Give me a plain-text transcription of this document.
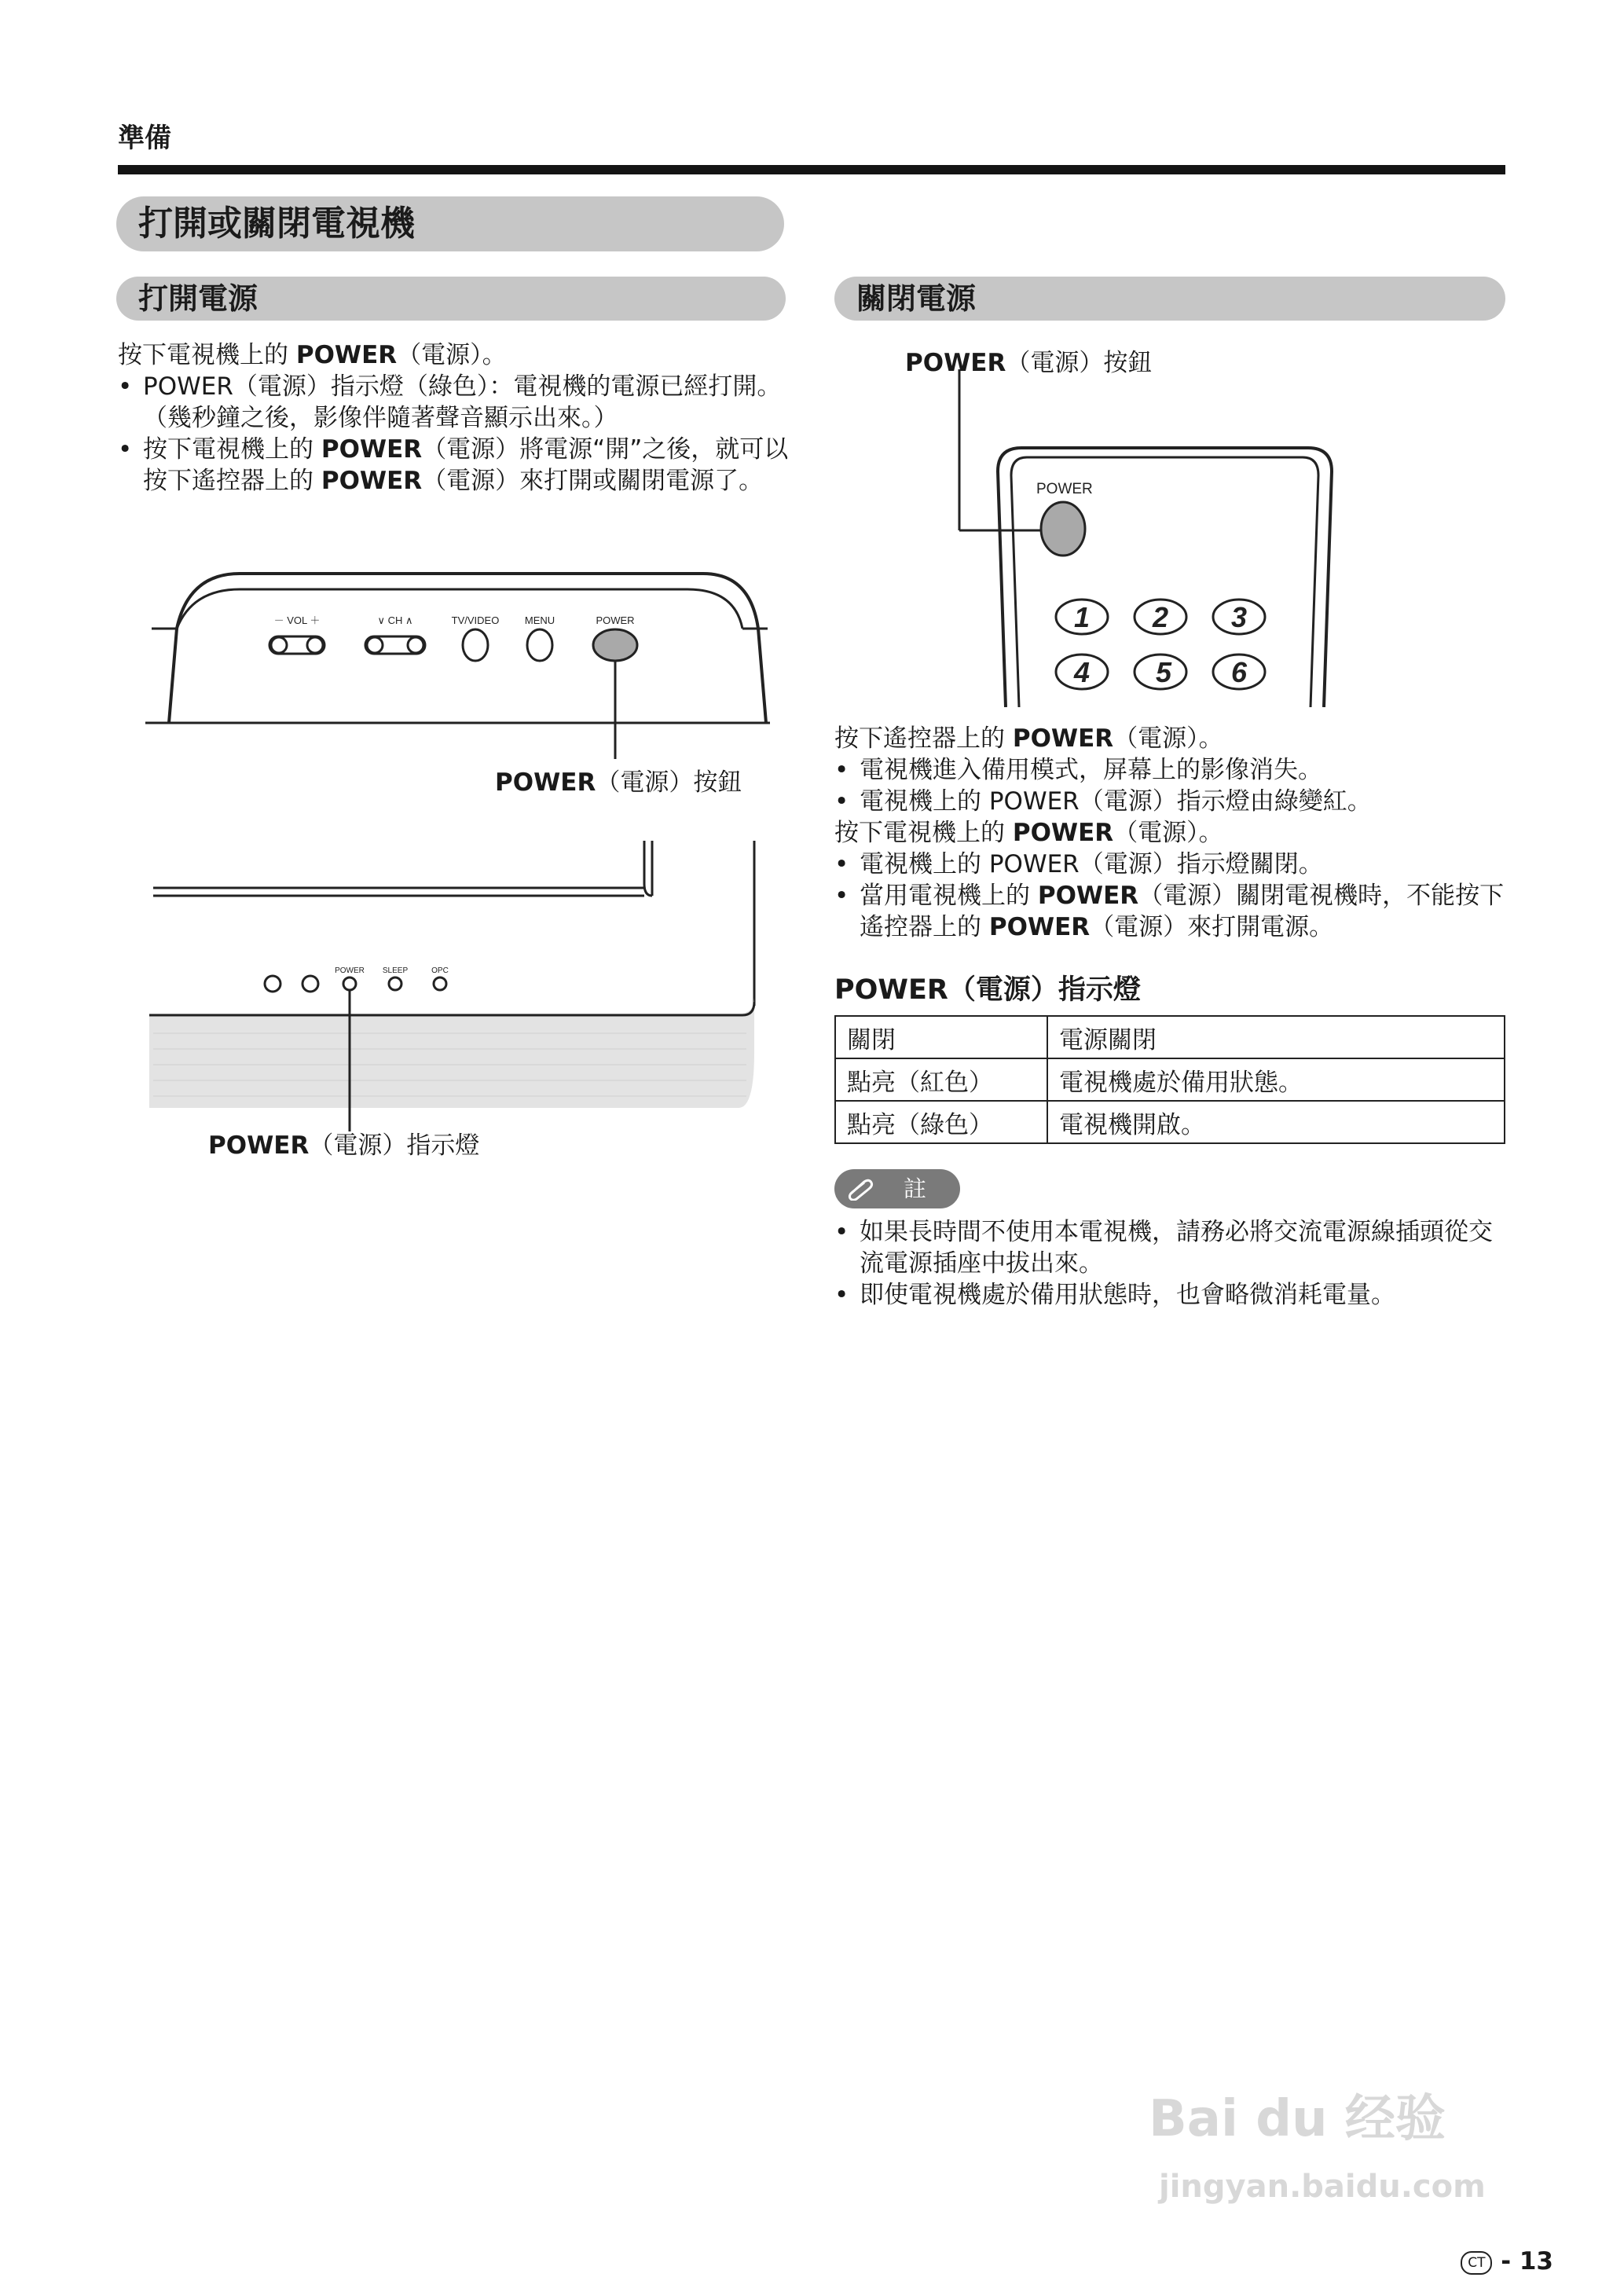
準備
打開或關閉電視機
打開電源
按下電視機上的 POWER（電源）。
• POWER（電源）指示燈（綠色）：電視機的電源已經打開。（幾秒鐘之後，影像伴隨著聲音顯示出來。）
• 按下電視機上的 POWER（電源）將電源“開”之後，就可以按下遙控器上的 POWER（電源）來打開或關閉電源了。
－ VOL ＋	∨ CH ∧	TV/VIDEO	MENU	POWER
POWER（電源）按鈕
POWER SLEEP	OPC
POWER（電源）指示燈
關閉電源
POWER（電源）按鈕
POWER
1 2 3
4 5 6
按下遙控器上的 POWER（電源）。
• 電視機進入備用模式，屏幕上的影像消失。
• 電視機上的 POWER（電源）指示燈由綠變紅。
按下電視機上的 POWER（電源）。
• 電視機上的 POWER（電源）指示燈關閉。
• 當用電視機上的 POWER（電源）關閉電視機時，不能按下遙控器上的 POWER（電源）來打開電源。
POWER（電源）指示燈
關閉	電源關閉
點亮（紅色）	電視機處於備用狀態。
點亮（綠色）	電視機開啟。
註
• 如果長時間不使用本電視機，請務必將交流電源線插頭從交流電源插座中拔出來。
• 即使電視機處於備用狀態時，也會略微消耗電量。
Bai du 经验
jingyan.baidu.com
CT - 13
